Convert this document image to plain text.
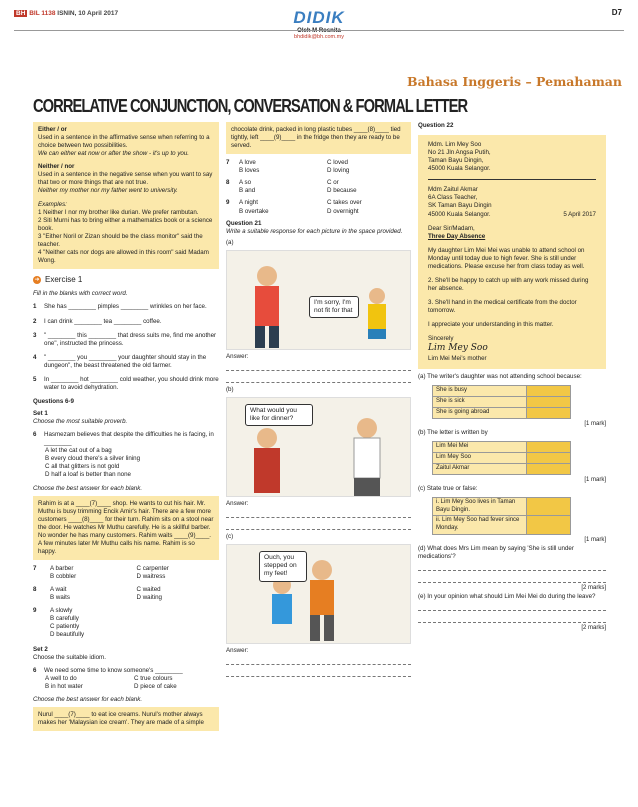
BH BIL 1138 ISNIN, 10 April 2017	DIDIK
Oleh M Rosnita
bhdidik@bh.com.my
D7
Bahasa Inggeris – Pemahaman
CORRELATIVE CONJUNCTION, CONVERSATION & FORMAL LETTER
Either / or
Used in a sentence in the affirmative sense when referring to a choice between two possibilities.
We can either eat now or after the show - it's up to you.
Neither / nor
Used in a sentence in the negative sense when you want to say that two or more things that are not true.
Neither my mother nor my father went to university.
Examples:
1 Neither I nor my brother like durian. We prefer rambutan.
2 Siti Murni has to bring either a mathematics book or a science book.
3 "Either Noril or Zizan should be the class monitor" said the teacher.
4 "Neither cats nor dogs are allowed in this room" said Madam Wong.
➜ Exercise 1
Fill in the blanks with correct word.
1	She has ________ pimples ________ wrinkles on her face.
2	I can drink ________ tea ________ coffee.
3	" ________ this ________ that dress suits me, find me another one", instructed the princess.
4	" ________ you ________ your daughter should stay in the dungeon", the beast threatened the old farmer.
5	In ________ hot ________ cold weather, you should drink more water to avoid dehydration.
Questions 6-9
Set 1
Choose the most suitable proverb.
6	Hasmezam believes that despite the difficulties he is facing, in ________
A let the cat out of a bag
B every cloud there's a silver lining
C all that glitters is not gold
D half a loaf is better than none
Choose the best answer for each blank.
Rahim is at a ____(7)____ shop. He wants to cut his hair. Mr. Muthu is busy trimming Encik Amir's hair. There are a few more customers ____(8)____ for their turn. Rahim sits on a stool near the door. He watches Mr Muthu carefully. He is a skillful barber. No wonder he has many customers. Rahim waits ____(9)____. A few minutes later Mr Muthu calls his name. Rahim is so happy.
7	A barber	C carpenter
B cobbler	D waitress
8	A wait	C waited
B waits	D waiting
9	A slowly
B carefully
C patiently
D beautifully
Set 2
Choose the suitable idiom.
6	We need some time to know someone's ________
A well to do	C true colours
B in hot water	D piece of cake
Choose the best answer for each blank.
Nurul ____(7)____ to eat ice creams. Nurul's mother always makes her 'Malaysian ice cream'. They are made of a simple
chocolate drink, packed in long plastic tubes ____(8)____ tied tightly, left ____(9)____ in the fridge then they are ready to be served.
7	A love	C loved
B loves	D loving
8	A so	C or
B and	D because
9	A night	C takes over
B overtake	D overnight
Question 21
Write a suitable response for each picture in the space provided.
(a)
I'm sorry, I'm not fit for that
Answer:
(b)
What would you like for dinner?
Answer:
(c)
Ouch, you stepped on my feet!
Answer:
Question 22
Mdm. Lim Mey Soo
No 21 Jln Angsa Putih,
Taman Bayu Dingin,
45000 Kuala Selangor.
Mdm Zaitul Akmar
6A Class Teacher,
SK Taman Bayu Dingin
45000 Kuala Selangor.	5 April 2017
Dear Sir/Madam,
Three Day Absence
My daughter Lim Mei Mei was unable to attend school on Monday until today due to high fever. She is still under medications. Please excuse her from class today as well.
2. She'll be happy to catch up with any work missed during her absence.
3. She'll hand in the medical certificate from the doctor tomorrow.
I appreciate your understanding in this matter.
Sincerely
Lim Mey Soo
Lim Mei Mei's mother
(a) The writer's daughter was not attending school because:
She is busy	
She is sick	
She is going abroad	
[1 mark]
(b) The letter is written by
Lim Mei Mei	
Lim Mey Soo	
Zaitul Akmar	
[1 mark]
(c) State true or false:
i. Lim Mey Soo lives in Taman Bayu Dingin.	
ii. Lim Mey Soo had fever since Monday.	
[1 mark]
(d) What does Mrs Lim mean by saying 'She is still under medications'?
[2 marks]
(e) In your opinion what should Lim Mei Mei do during the leave?
[2 marks]
